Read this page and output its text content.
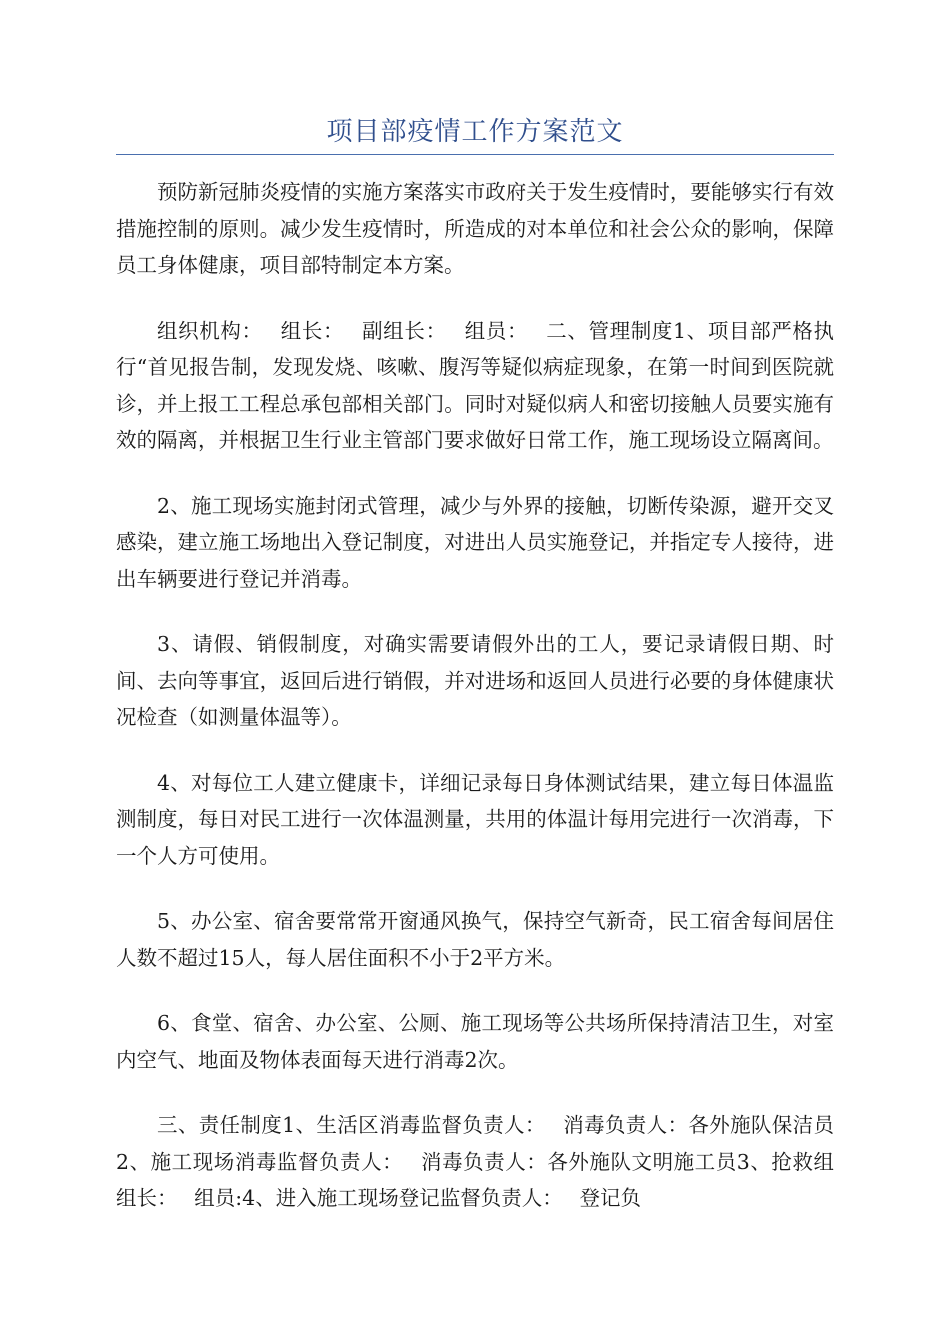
项目部疫情工作方案范文

预防新冠肺炎疫情的实施方案落实市政府关于发生疫情时，要能够实行有效措施控制的原则。减少发生疫情时，所造成的对本单位和社会公众的影响，保障员工身体健康，项目部特制定本方案。

组织机构：　 组长：　 副组长：　 组员：　 二、管理制度1、项目部严格执行“首见报告制，发现发烧、咳嗽、腹泻等疑似病症现象，在第一时间到医院就诊，并上报工工程总承包部相关部门。同时对疑似病人和密切接触人员要实施有效的隔离，并根据卫生行业主管部门要求做好日常工作，施工现场设立隔离间。

2、施工现场实施封闭式管理，减少与外界的接触，切断传染源，避开交叉感染，建立施工场地出入登记制度，对进出人员实施登记，并指定专人接待，进出车辆要进行登记并消毒。

3、请假、销假制度，对确实需要请假外出的工人，要记录请假日期、时间、去向等事宜，返回后进行销假，并对进场和返回人员进行必要的身体健康状况检查（如测量体温等）。

4、对每位工人建立健康卡，详细记录每日身体测试结果，建立每日体温监测制度，每日对民工进行一次体温测量，共用的体温计每用完进行一次消毒，下一个人方可使用。

5、办公室、宿舍要常常开窗通风换气，保持空气新奇，民工宿舍每间居住人数不超过15人，每人居住面积不小于2平方米。

6、食堂、宿舍、办公室、公厕、施工现场等公共场所保持清洁卫生，对室内空气、地面及物体表面每天进行消毒2次。

三、责任制度1、生活区消毒监督负责人：　 消毒负责人：各外施队保洁员2、施工现场消毒监督负责人：　 消毒负责人：各外施队文明施工员3、抢救组组长：　 组员:4、进入施工现场登记监督负责人：　 登记负
